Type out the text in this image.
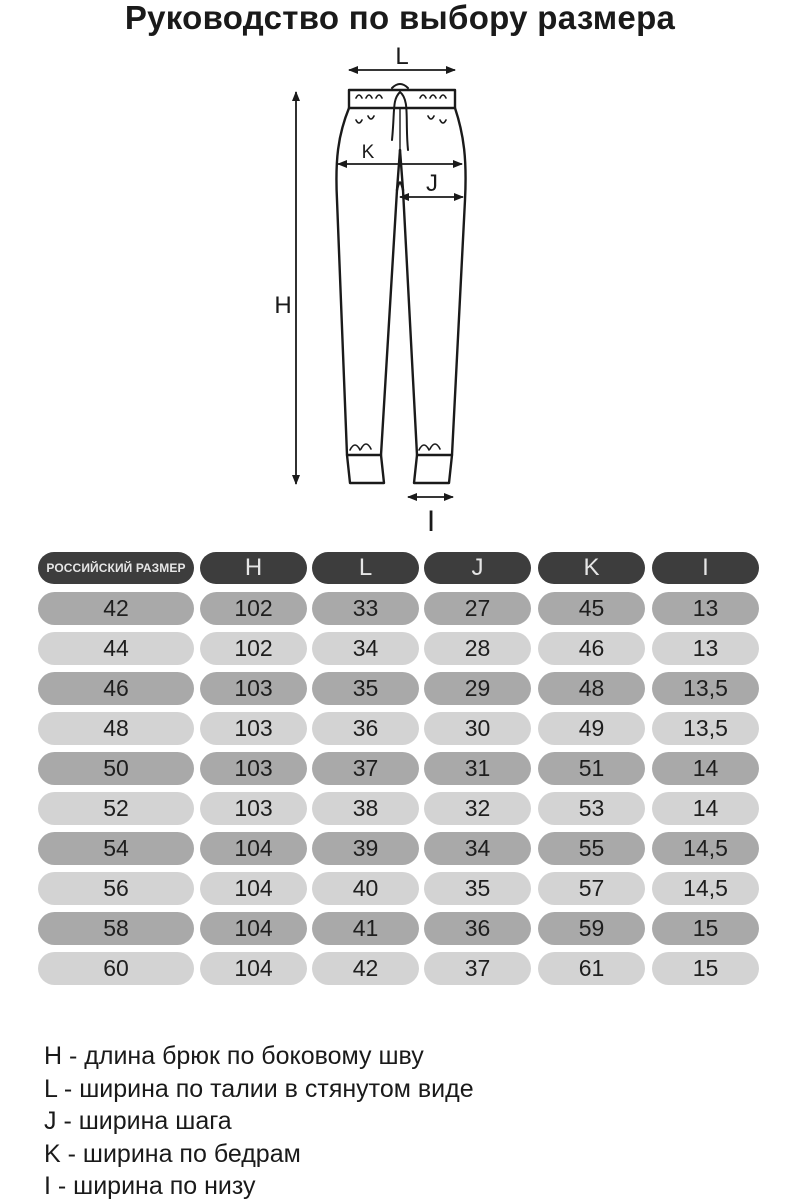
Руководство по выбору размера
L
K
J
H
I
РОССИЙСКИЙ РАЗМЕР	H	L	J	K	I
42	102	33	27	45	13
44	102	34	28	46	13
46	103	35	29	48	13,5
48	103	36	30	49	13,5
50	103	37	31	51	14
52	103	38	32	53	14
54	104	39	34	55	14,5
56	104	40	35	57	14,5
58	104	41	36	59	15
60	104	42	37	61	15
H - длина брюк по боковому шву
L - ширина по талии в стянутом виде
J - ширина шага
K - ширина по бедрам
I - ширина по низу
